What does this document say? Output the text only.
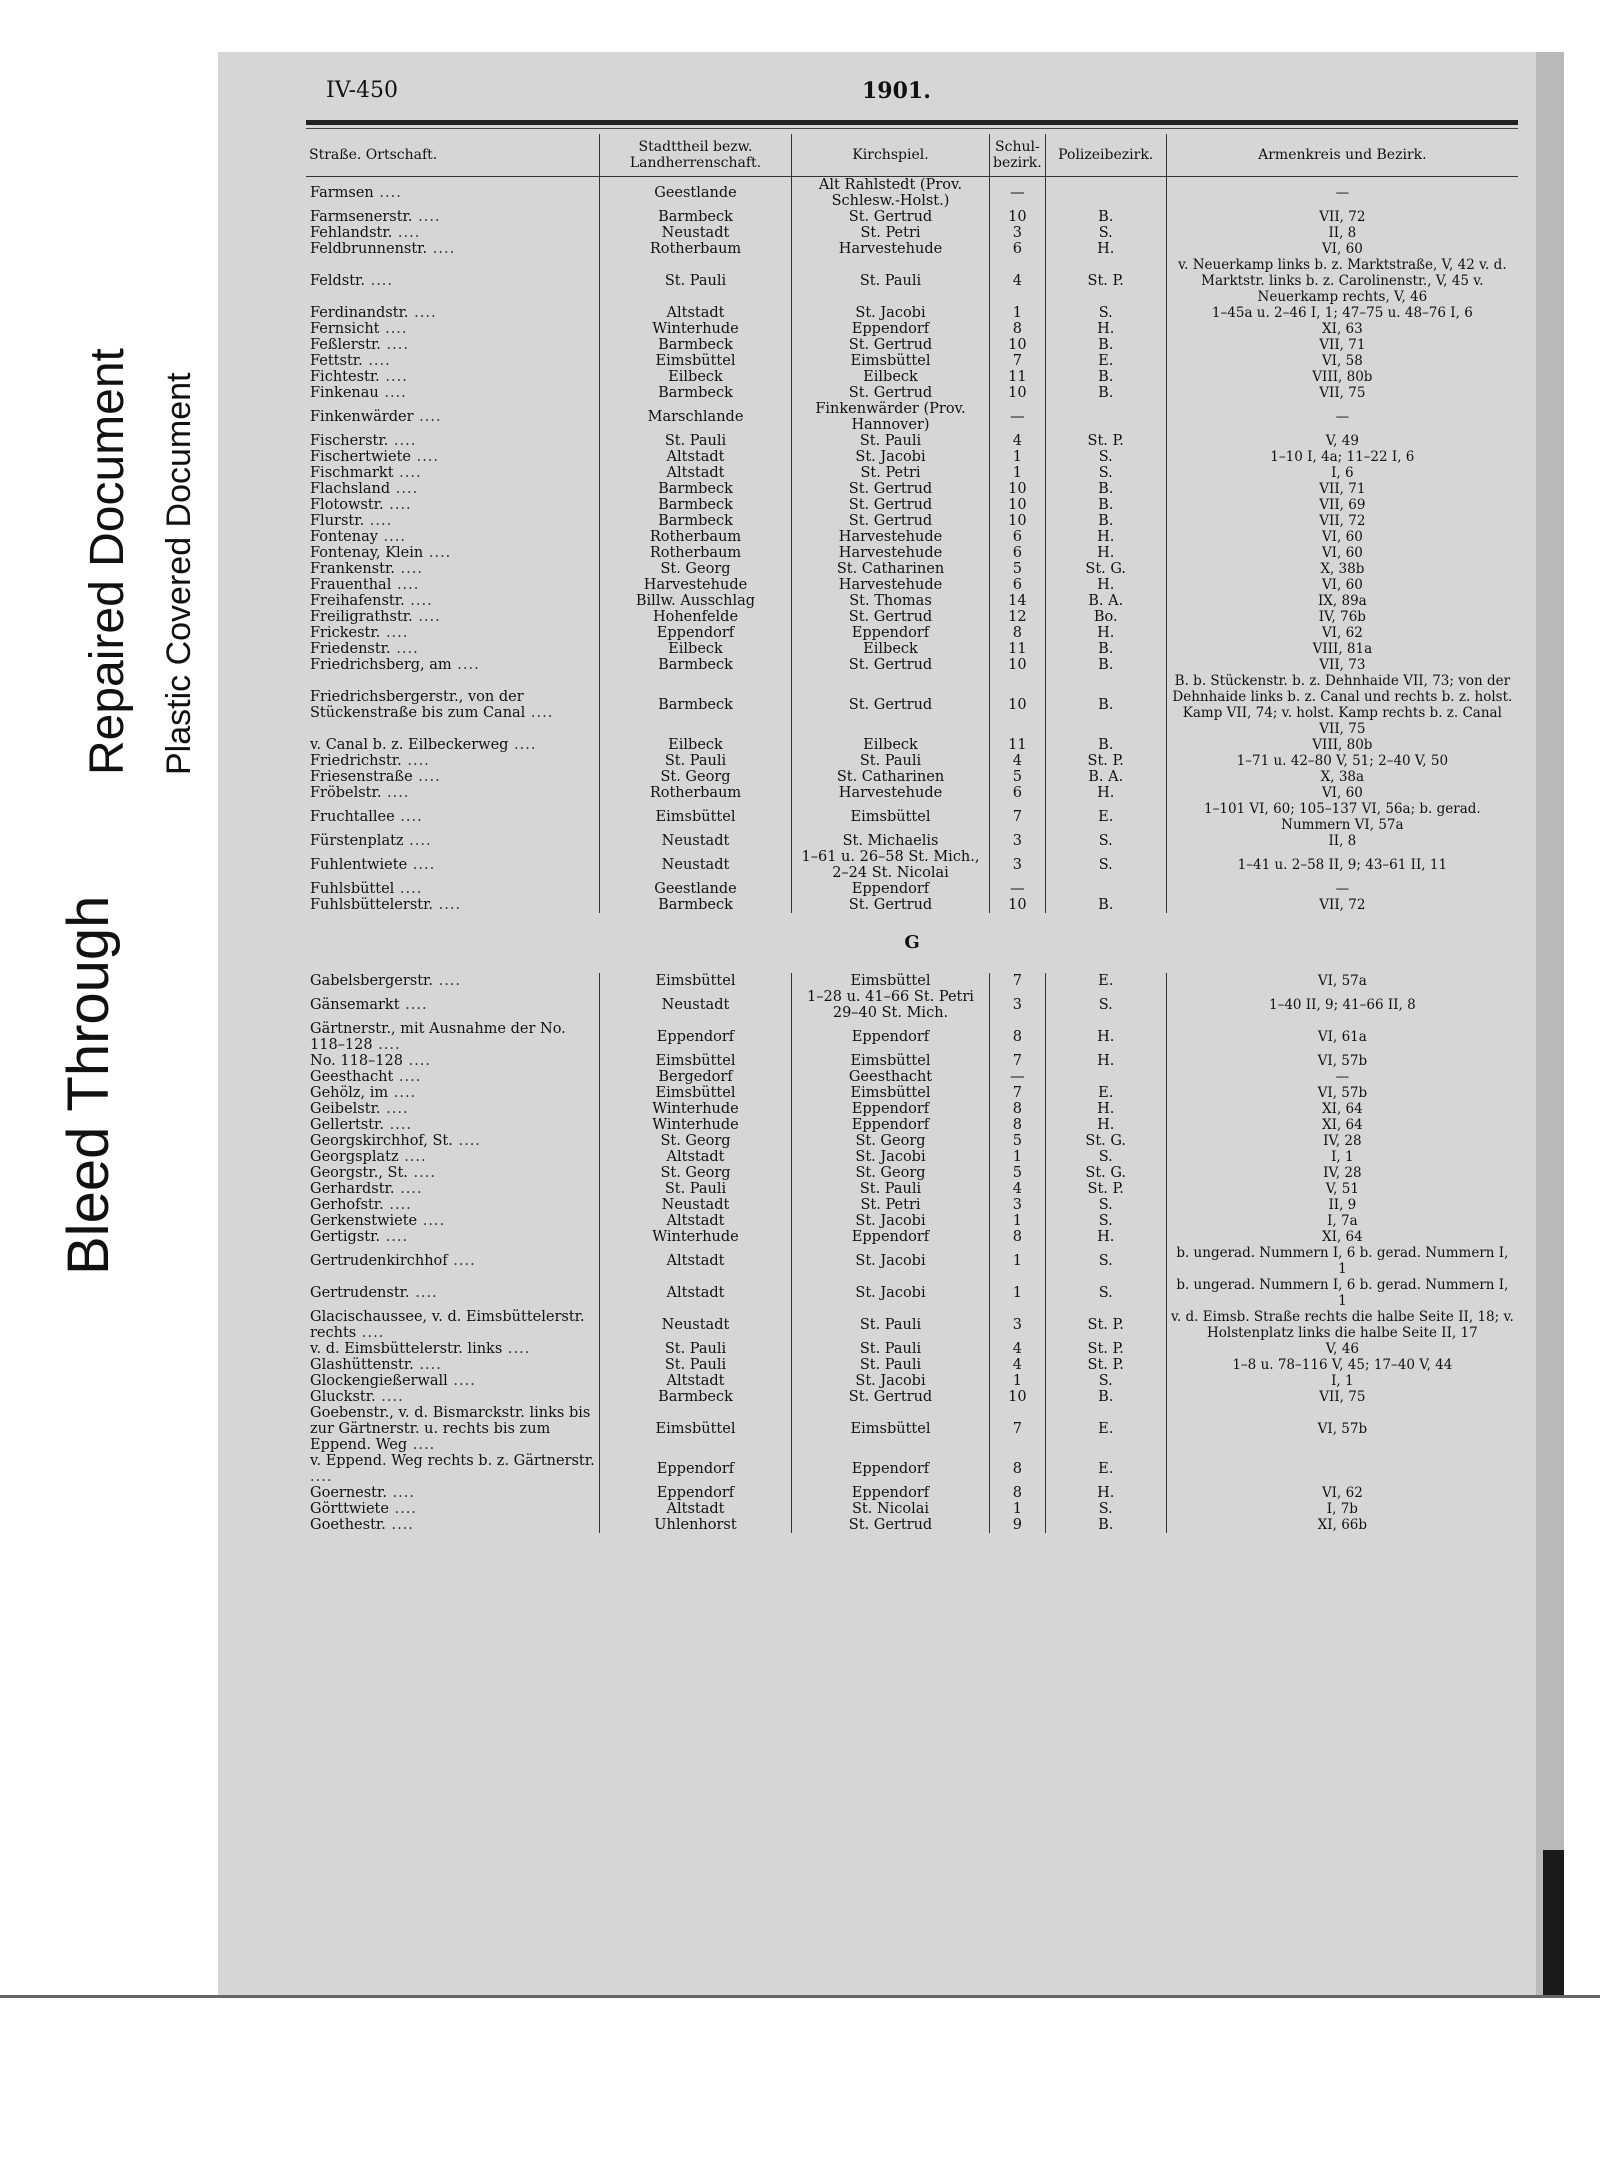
Bleed Through
Repaired Document Plastic Covered Document
IV-450	1901.
Straße. Ortschaft.	Stadttheil bezw. Landherrenschaft.	Kirchspiel.	Schul-bezirk.	Polizeibezirk.	Armenkreis und Bezirk.
Farmsen ....	Geestlande	Alt Rahlstedt (Prov. Schlesw.-Holst.)	—		—
Farmsenerstr. ....	Barmbeck	St. Gertrud	10	B.	VII, 72
Fehlandstr. ....	Neustadt	St. Petri	3	S.	II, 8
Feldbrunnenstr. ....	Rotherbaum	Harvestehude	6	H.	VI, 60
Feldstr. ....	St. Pauli	St. Pauli	4	St. P.	v. Neuerkamp links b. z. Marktstraße, V, 42 v. d. Marktstr. links b. z. Carolinenstr., V, 45 v. Neuerkamp rechts, V, 46
Ferdinandstr. ....	Altstadt	St. Jacobi	1	S.	1–45a u. 2–46 I, 1; 47–75 u. 48–76 I, 6
Fernsicht ....	Winterhude	Eppendorf	8	H.	XI, 63
Feßlerstr. ....	Barmbeck	St. Gertrud	10	B.	VII, 71
Fettstr. ....	Eimsbüttel	Eimsbüttel	7	E.	VI, 58
Fichtestr. ....	Eilbeck	Eilbeck	11	B.	VIII, 80b
Finkenau ....	Barmbeck	St. Gertrud	10	B.	VII, 75
Finkenwärder ....	Marschlande	Finkenwärder (Prov. Hannover)	—		—
Fischerstr. ....	St. Pauli	St. Pauli	4	St. P.	V, 49
Fischertwiete ....	Altstadt	St. Jacobi	1	S.	1–10 I, 4a; 11–22 I, 6
Fischmarkt ....	Altstadt	St. Petri	1	S.	I, 6
Flachsland ....	Barmbeck	St. Gertrud	10	B.	VII, 71
Flotowstr. ....	Barmbeck	St. Gertrud	10	B.	VII, 69
Flurstr. ....	Barmbeck	St. Gertrud	10	B.	VII, 72
Fontenay ....	Rotherbaum	Harvestehude	6	H.	VI, 60
Fontenay, Klein ....	Rotherbaum	Harvestehude	6	H.	VI, 60
Frankenstr. ....	St. Georg	St. Catharinen	5	St. G.	X, 38b
Frauenthal ....	Harvestehude	Harvestehude	6	H.	VI, 60
Freihafenstr. ....	Billw. Ausschlag	St. Thomas	14	B. A.	IX, 89a
Freiligrathstr. ....	Hohenfelde	St. Gertrud	12	Bo.	IV, 76b
Frickestr. ....	Eppendorf	Eppendorf	8	H.	VI, 62
Friedenstr. ....	Eilbeck	Eilbeck	11	B.	VIII, 81a
Friedrichsberg, am ....	Barmbeck	St. Gertrud	10	B.	VII, 73
Friedrichsbergerstr., von der Stückenstraße bis zum Canal ....	Barmbeck	St. Gertrud	10	B.	B. b. Stückenstr. b. z. Dehnhaide VII, 73; von der Dehnhaide links b. z. Canal und rechts b. z. holst. Kamp VII, 74; v. holst. Kamp rechts b. z. Canal VII, 75
v. Canal b. z. Eilbeckerweg ....	Eilbeck	Eilbeck	11	B.	VIII, 80b
Friedrichstr. ....	St. Pauli	St. Pauli	4	St. P.	1–71 u. 42–80 V, 51; 2–40 V, 50
Friesenstraße ....	St. Georg	St. Catharinen	5	B. A.	X, 38a
Fröbelstr. ....	Rotherbaum	Harvestehude	6	H.	VI, 60
Fruchtallee ....	Eimsbüttel	Eimsbüttel	7	E.	1–101 VI, 60; 105–137 VI, 56a; b. gerad. Nummern VI, 57a
Fürstenplatz ....	Neustadt	St. Michaelis	3	S.	II, 8
Fuhlentwiete ....	Neustadt	1–61 u. 26–58 St. Mich., 2–24 St. Nicolai	3	S.	1–41 u. 2–58 II, 9; 43–61 II, 11
Fuhlsbüttel ....	Geestlande	Eppendorf	—		—
Fuhlsbüttelerstr. ....	Barmbeck	St. Gertrud	10	B.	VII, 72
G					
Gabelsbergerstr. ....	Eimsbüttel	Eimsbüttel	7	E.	VI, 57a
Gänsemarkt ....	Neustadt	1–28 u. 41–66 St. Petri 29–40 St. Mich.	3	S.	1–40 II, 9; 41–66 II, 8
Gärtnerstr., mit Ausnahme der No. 118–128 ....	Eppendorf	Eppendorf	8	H.	VI, 61a
No. 118–128 ....	Eimsbüttel	Eimsbüttel	7	H.	VI, 57b
Geesthacht ....	Bergedorf	Geesthacht	—		—
Gehölz, im ....	Eimsbüttel	Eimsbüttel	7	E.	VI, 57b
Geibelstr. ....	Winterhude	Eppendorf	8	H.	XI, 64
Gellertstr. ....	Winterhude	Eppendorf	8	H.	XI, 64
Georgskirchhof, St. ....	St. Georg	St. Georg	5	St. G.	IV, 28
Georgsplatz ....	Altstadt	St. Jacobi	1	S.	I, 1
Georgstr., St. ....	St. Georg	St. Georg	5	St. G.	IV, 28
Gerhardstr. ....	St. Pauli	St. Pauli	4	St. P.	V, 51
Gerhofstr. ....	Neustadt	St. Petri	3	S.	II, 9
Gerkenstwiete ....	Altstadt	St. Jacobi	1	S.	I, 7a
Gertigstr. ....	Winterhude	Eppendorf	8	H.	XI, 64
Gertrudenkirchhof ....	Altstadt	St. Jacobi	1	S.	b. ungerad. Nummern I, 6 b. gerad. Nummern I, 1
Gertrudenstr. ....	Altstadt	St. Jacobi	1	S.	b. ungerad. Nummern I, 6 b. gerad. Nummern I, 1
Glacischaussee, v. d. Eimsbüttelerstr. rechts ....	Neustadt	St. Pauli	3	St. P.	v. d. Eimsb. Straße rechts die halbe Seite II, 18; v. Holstenplatz links die halbe Seite II, 17
v. d. Eimsbüttelerstr. links ....	St. Pauli	St. Pauli	4	St. P.	V, 46
Glashüttenstr. ....	St. Pauli	St. Pauli	4	St. P.	1–8 u. 78–116 V, 45; 17–40 V, 44
Glockengießerwall ....	Altstadt	St. Jacobi	1	S.	I, 1
Gluckstr. ....	Barmbeck	St. Gertrud	10	B.	VII, 75
Goebenstr., v. d. Bismarckstr. links bis zur Gärtnerstr. u. rechts bis zum Eppend. Weg ....	Eimsbüttel	Eimsbüttel	7	E.	VI, 57b
v. Eppend. Weg rechts b. z. Gärtnerstr. ....	Eppendorf	Eppendorf	8	E.	
Goernestr. ....	Eppendorf	Eppendorf	8	H.	VI, 62
Görttwiete ....	Altstadt	St. Nicolai	1	S.	I, 7b
Goethestr. ....	Uhlenhorst	St. Gertrud	9	B.	XI, 66b
